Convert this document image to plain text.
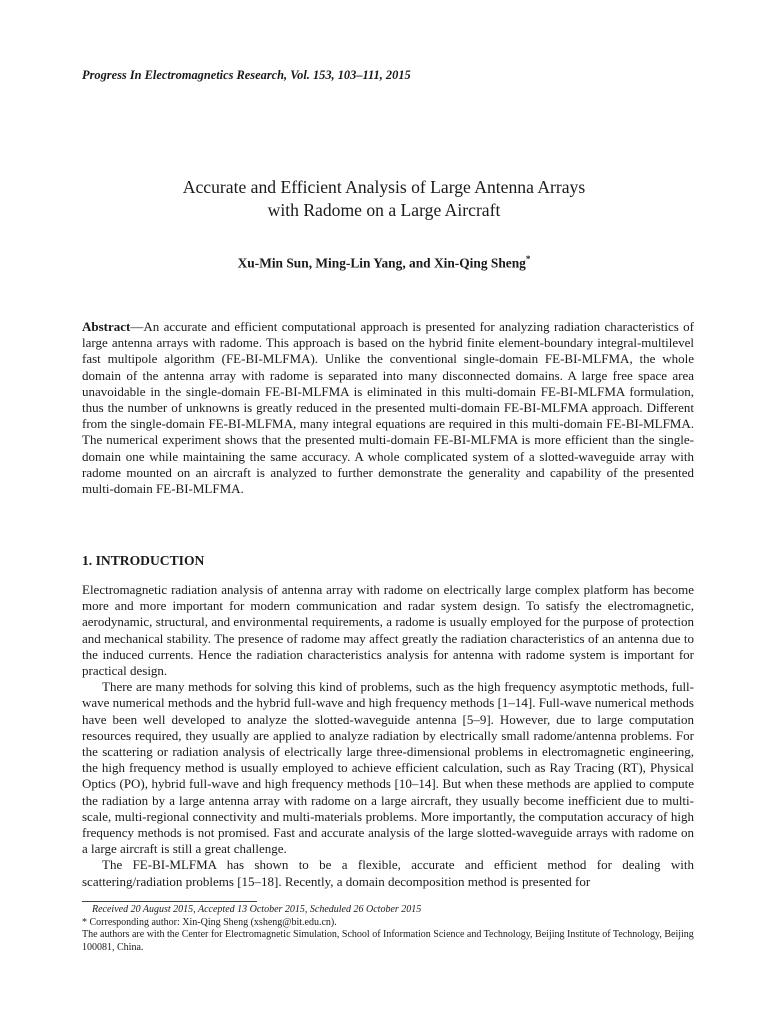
Progress In Electromagnetics Research, Vol. 153, 103–111, 2015
Accurate and Efficient Analysis of Large Antenna Arrays
with Radome on a Large Aircraft
Xu-Min Sun, Ming-Lin Yang, and Xin-Qing Sheng*
Abstract—An accurate and efficient computational approach is presented for analyzing radiation characteristics of large antenna arrays with radome. This approach is based on the hybrid finite element-boundary integral-multilevel fast multipole algorithm (FE-BI-MLFMA). Unlike the conventional single-domain FE-BI-MLFMA, the whole domain of the antenna array with radome is separated into many disconnected domains. A large free space area unavoidable in the single-domain FE-BI-MLFMA is eliminated in this multi-domain FE-BI-MLFMA formulation, thus the number of unknowns is greatly reduced in the presented multi-domain FE-BI-MLFMA approach. Different from the single-domain FE-BI-MLFMA, many integral equations are required in this multi-domain FE-BI-MLFMA. The numerical experiment shows that the presented multi-domain FE-BI-MLFMA is more efficient than the single-domain one while maintaining the same accuracy. A whole complicated system of a slotted-waveguide array with radome mounted on an aircraft is analyzed to further demonstrate the generality and capability of the presented multi-domain FE-BI-MLFMA.
1. INTRODUCTION

Electromagnetic radiation analysis of antenna array with radome on electrically large complex platform has become more and more important for modern communication and radar system design. To satisfy the electromagnetic, aerodynamic, structural, and environmental requirements, a radome is usually employed for the purpose of protection and mechanical stability. The presence of radome may affect greatly the radiation characteristics of an antenna due to the induced currents. Hence the radiation characteristics analysis for antenna with radome system is important for practical design.

There are many methods for solving this kind of problems, such as the high frequency asymptotic methods, full-wave numerical methods and the hybrid full-wave and high frequency methods [1–14]. Full-wave numerical methods have been well developed to analyze the slotted-waveguide antenna [5–9]. However, due to large computation resources required, they usually are applied to analyze radiation by electrically small radome/antenna problems. For the scattering or radiation analysis of electrically large three-dimensional problems in electromagnetic engineering, the high frequency method is usually employed to achieve efficient calculation, such as Ray Tracing (RT), Physical Optics (PO), hybrid full-wave and high frequency methods [10–14]. But when these methods are applied to compute the radiation by a large antenna array with radome on a large aircraft, they usually become inefficient due to multi-scale, multi-regional connectivity and multi-materials problems. More importantly, the computation accuracy of high frequency methods is not promised. Fast and accurate analysis of the large slotted-waveguide arrays with radome on a large aircraft is still a great challenge.

The FE-BI-MLFMA has shown to be a flexible, accurate and efficient method for dealing with scattering/radiation problems [15–18]. Recently, a domain decomposition method is presented for

Received 20 August 2015, Accepted 13 October 2015, Scheduled 26 October 2015
* Corresponding author: Xin-Qing Sheng (xsheng@bit.edu.cn).
The authors are with the Center for Electromagnetic Simulation, School of Information Science and Technology, Beijing Institute of Technology, Beijing 100081, China.
